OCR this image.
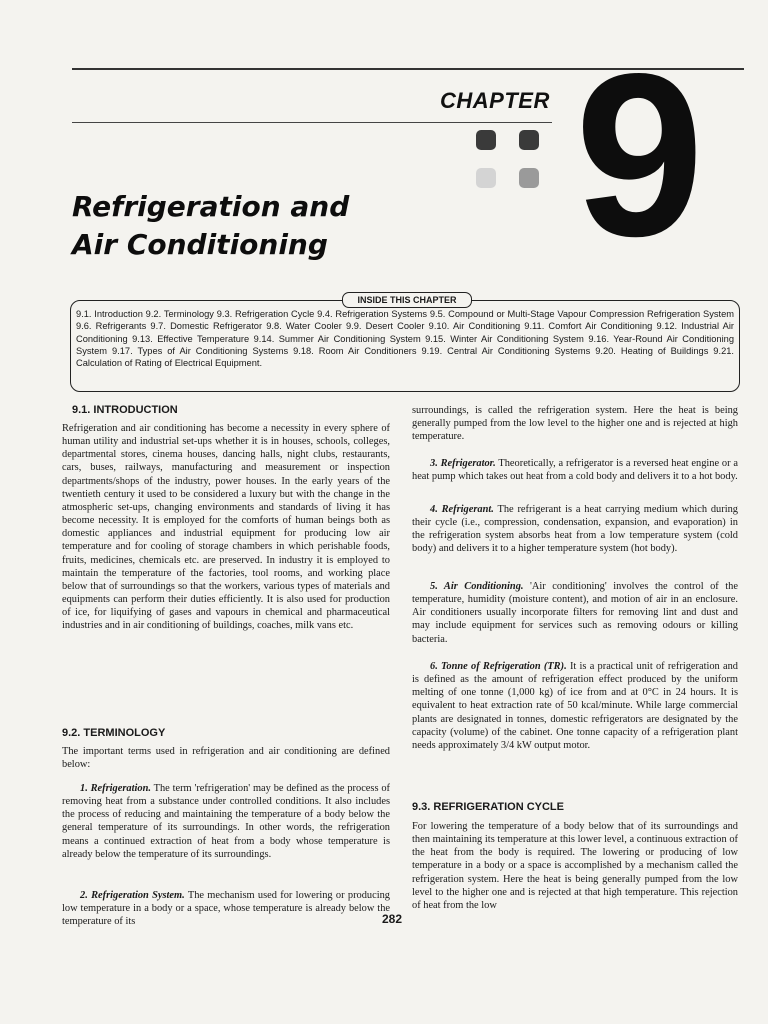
CHAPTER 9
Refrigeration and
Air Conditioning
INSIDE THIS CHAPTER
9.1. Introduction 9.2. Terminology 9.3. Refrigeration Cycle 9.4. Refrigeration Systems 9.5. Compound or Multi-Stage Vapour Compression Refrigeration System 9.6. Refrigerants 9.7. Domestic Refrigerator 9.8. Water Cooler 9.9. Desert Cooler 9.10. Air Conditioning 9.11. Comfort Air Conditioning 9.12. Industrial Air Conditioning 9.13. Effective Temperature 9.14. Summer Air Conditioning System 9.15. Winter Air Conditioning System 9.16. Year-Round Air Conditioning System 9.17. Types of Air Conditioning Systems 9.18. Room Air Conditioners 9.19. Central Air Conditioning Systems 9.20. Heating of Buildings 9.21. Calculation of Rating of Electrical Equipment.
9.1. INTRODUCTION
Refrigeration and air conditioning has become a necessity in every sphere of human utility and industrial set-ups whether it is in houses, schools, colleges, departmental stores, cinema houses, dancing halls, night clubs, restaurants, cars, buses, railways, manufacturing and measurement or inspection departments/shops of the industry, power houses. In the early years of the twentieth century it used to be considered a luxury but with the change in the atmospheric set-ups, changing environments and standards of living it has become necessity. It is employed for the comforts of human beings both as domestic appliances and industrial equipment for producing low air temperature and for cooling of storage chambers in which perishable foods, fruits, medicines, chemicals etc. are preserved. In industry it is employed to maintain the temperature of the factories, tool rooms, and working place below that of surroundings so that the workers, various types of materials and equipments can perform their duties efficiently. It is also used for production of ice, for liquifying of gases and vapours in chemical and pharmaceutical industries and in air conditioning of buildings, coaches, milk vans etc.
9.2. TERMINOLOGY
The important terms used in refrigeration and air conditioning are defined below:
1. Refrigeration. The term 'refrigeration' may be defined as the process of removing heat from a substance under controlled conditions. It also includes the process of reducing and maintaining the temperature of a body below the general temperature of its surroundings. In other words, the refrigeration means a continued extraction of heat from a body whose temperature is already below the temperature of its surroundings.
2. Refrigeration System. The mechanism used for lowering or producing low temperature in a body or a space, whose temperature is already below the temperature of its
surroundings, is called the refrigeration system. Here the heat is being generally pumped from the low level to the higher one and is rejected at high temperature.
3. Refrigerator. Theoretically, a refrigerator is a reversed heat engine or a heat pump which takes out heat from a cold body and delivers it to a hot body.
4. Refrigerant. The refrigerant is a heat carrying medium which during their cycle (i.e., compression, condensation, expansion, and evaporation) in the refrigeration system absorbs heat from a low temperature system (cold body) and delivers it to a higher temperature system (hot body).
5. Air Conditioning. 'Air conditioning' involves the control of the temperature, humidity (moisture content), and motion of air in an enclosure. Air conditioners usually incorporate filters for removing lint and dust and may include equipment for services such as removing odours or killing bacteria.
6. Tonne of Refrigeration (TR). It is a practical unit of refrigeration and is defined as the amount of refrigeration effect produced by the uniform melting of one tonne (1,000 kg) of ice from and at 0°C in 24 hours. It is equivalent to heat extraction rate of 50 kcal/minute. While large commercial plants are designated in tonnes, domestic refrigerators are designated by the capacity (volume) of the cabinet. One tonne capacity of a refrigeration plant needs approximately 3/4 kW output motor.
9.3. REFRIGERATION CYCLE
For lowering the temperature of a body below that of its surroundings and then maintaining its temperature at this lower level, a continuous extraction of the heat from the body is required. The lowering or producing of low temperature in a body or a space is accomplished by a mechanism called the refrigeration system. Here the heat is being generally pumped from the low level to the higher one and is rejected at that high temperature. This rejection of heat from the low
282
